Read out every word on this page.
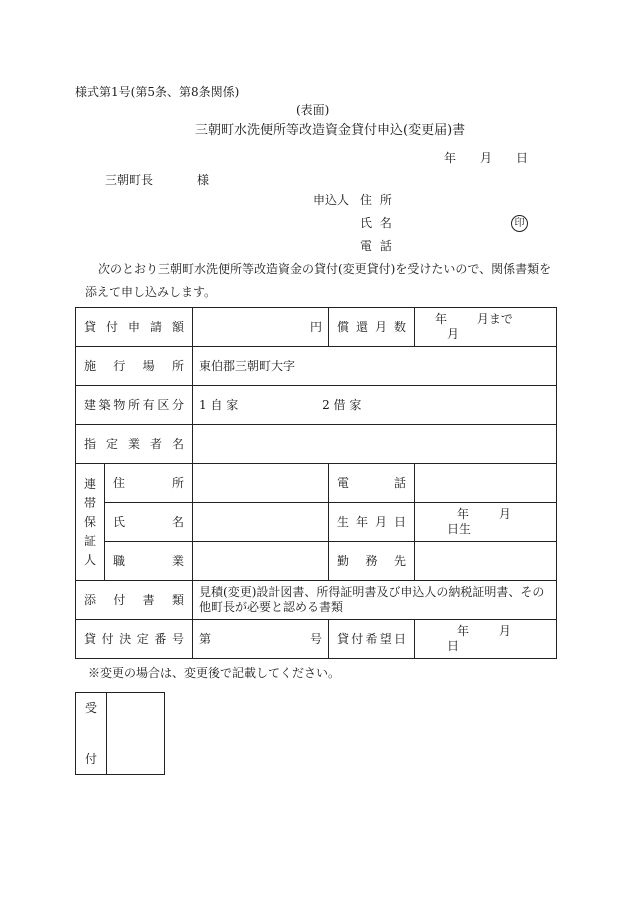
様式第1号(第5条、第8条関係)
(表面)
三朝町水洗便所等改造資金貸付申込(変更届)書
年 月 日
三朝町長	様
申込人 住 所
氏 名	印
電 話
次のとおり三朝町水洗便所等改造資金の貸付(変更貸付)を受けたいので、関係書類を
添えて申し込みします。
貸付申請額		円	償還月数	年 月まで 月
施行場所		東伯郡三朝町大字		
建築物所有区分		1 自 家 2 借 家		
指定業者名				
連帯保証人	住 所		電 話	
	氏 名		生年月日	年 月 日生
	職 業		勤務先	
添付書類		見積(変更)設計図書、所得証明書及び申込人の納税証明書、その他町長が必要と認める書類		
貸付決定番号		第 号	貸付希望日	年 月 日
※変更の場合は、変更後で記載してください。
受
付
